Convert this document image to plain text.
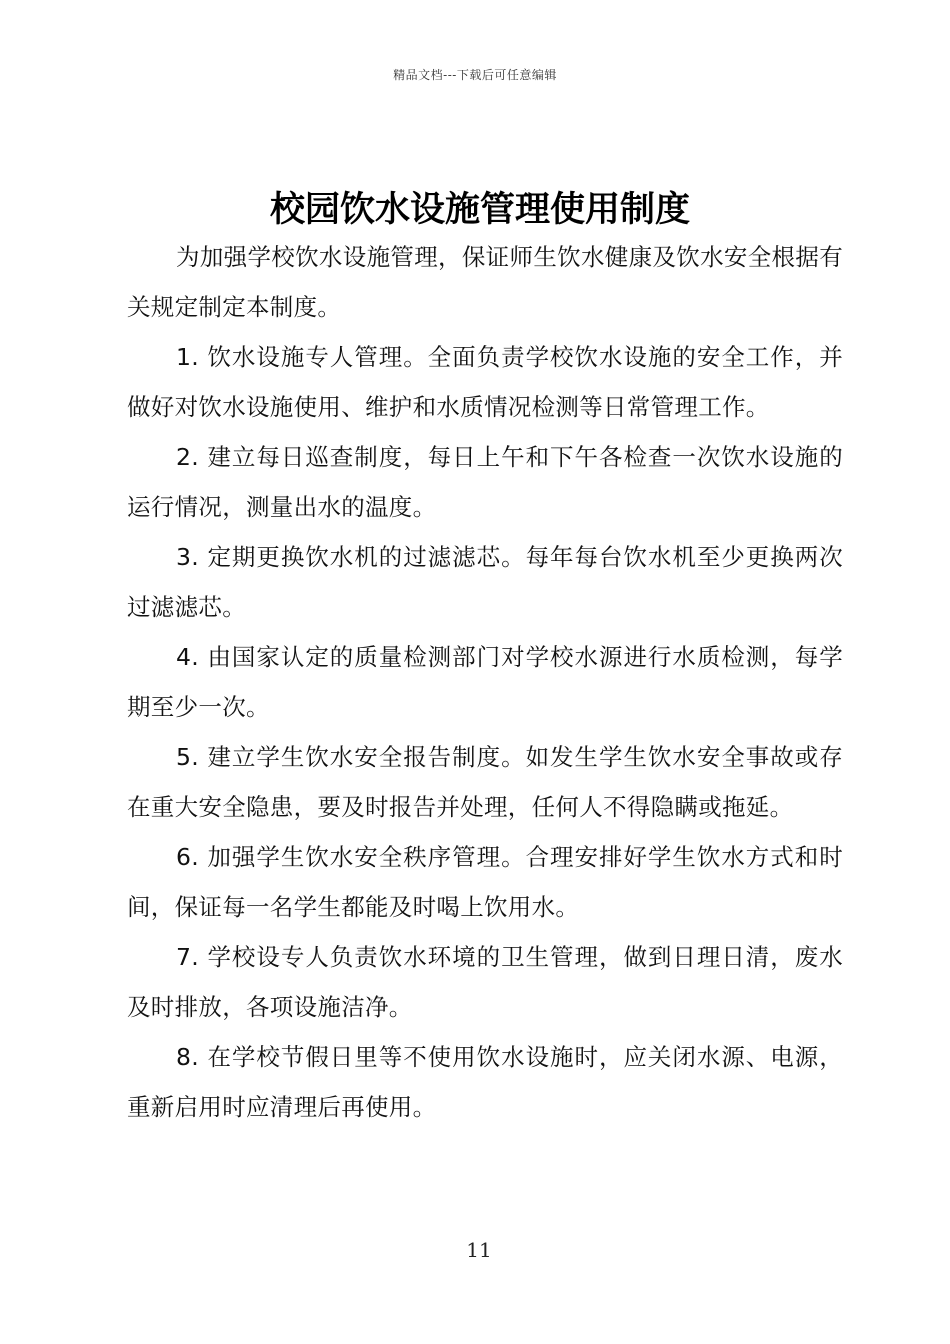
精品文档---下载后可任意编辑
校园饮水设施管理使用制度

为加强学校饮水设施管理，保证师生饮水健康及饮水安全根据有关规定制定本制度。

1. 饮水设施专人管理。全面负责学校饮水设施的安全工作，并做好对饮水设施使用、维护和水质情况检测等日常管理工作。

2. 建立每日巡查制度，每日上午和下午各检查一次饮水设施的运行情况，测量出水的温度。

3. 定期更换饮水机的过滤滤芯。每年每台饮水机至少更换两次过滤滤芯。

4. 由国家认定的质量检测部门对学校水源进行水质检测，每学期至少一次。

5. 建立学生饮水安全报告制度。如发生学生饮水安全事故或存在重大安全隐患，要及时报告并处理，任何人不得隐瞒或拖延。

6. 加强学生饮水安全秩序管理。合理安排好学生饮水方式和时间，保证每一名学生都能及时喝上饮用水。

7. 学校设专人负责饮水环境的卫生管理，做到日理日清，废水及时排放，各项设施洁净。

8. 在学校节假日里等不使用饮水设施时，应关闭水源、电源，重新启用时应清理后再使用。

11
